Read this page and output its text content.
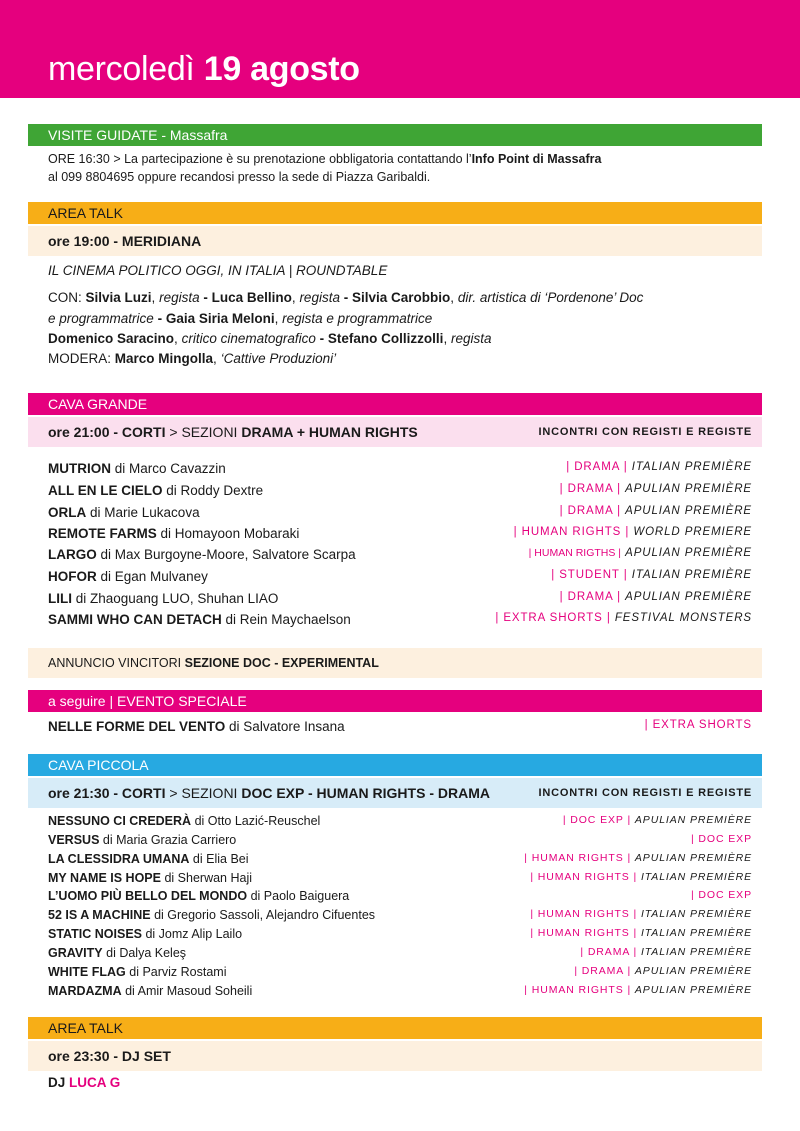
mercoledì 19 agosto
VISITE GUIDATE - Massafra
ORE 16:30 > La partecipazione è su prenotazione obbligatoria contattando l’Info Point di Massafra
al 099 8804695 oppure recandosi presso la sede di Piazza Garibaldi.
AREA TALK
ore 19:00 - MERIDIANA
IL CINEMA POLITICO OGGI, IN ITALIA | ROUNDTABLE
CON: Silvia Luzi, regista - Luca Bellino, regista - Silvia Carobbio, dir. artistica di ‘Pordenone’ Doc
e programmatrice - Gaia Siria Meloni, regista e programmatrice
Domenico Saracino, critico cinematografico - Stefano Collizzolli, regista
MODERA: Marco Mingolla, ‘Cattive Produzioni’
CAVA GRANDE
ore 21:00 - CORTI > SEZIONI DRAMA + HUMAN RIGHTS	INCONTRI CON REGISTI E REGISTE
MUTRION di Marco Cavazzin	| DRAMA | ITALIAN PREMIÈRE
ALL EN LE CIELO di Roddy Dextre	| DRAMA | APULIAN PREMIÈRE
ORLA di Marie Lukacova	| DRAMA | APULIAN PREMIÈRE
REMOTE FARMS di Homayoon Mobaraki	| HUMAN RIGHTS | WORLD PREMIERE
LARGO di Max Burgoyne-Moore, Salvatore Scarpa	| HUMAN RIGTHS | APULIAN PREMIÈRE
HOFOR di Egan Mulvaney	| STUDENT | ITALIAN PREMIÈRE
LILI di Zhaoguang LUO, Shuhan LIAO	| DRAMA | APULIAN PREMIÈRE
SAMMI WHO CAN DETACH di Rein Maychaelson	| EXTRA SHORTS | FESTIVAL MONSTERS
ANNUNCIO VINCITORI SEZIONE DOC - EXPERIMENTAL
a seguire | EVENTO SPECIALE
NELLE FORME DEL VENTO di Salvatore Insana	| EXTRA SHORTS
CAVA PICCOLA
ore 21:30 - CORTI > SEZIONI DOC EXP - HUMAN RIGHTS - DRAMA	INCONTRI CON REGISTI E REGISTE
NESSUNO CI CREDERÀ di Otto Lazić-Reuschel	| DOC EXP | APULIAN PREMIÈRE
VERSUS di Maria Grazia Carriero	| DOC EXP
LA CLESSIDRA UMANA di Elia Bei	| HUMAN RIGHTS | APULIAN PREMIÈRE
MY NAME IS HOPE di Sherwan Haji	| HUMAN RIGHTS | ITALIAN PREMIÈRE
L’UOMO PIÙ BELLO DEL MONDO di Paolo Baiguera	| DOC EXP
52 IS A MACHINE di Gregorio Sassoli, Alejandro Cifuentes	| HUMAN RIGHTS | ITALIAN PREMIÈRE
STATIC NOISES di Jomz Alip Lailo	| HUMAN RIGHTS | ITALIAN PREMIÈRE
GRAVITY di Dalya Keleş	| DRAMA | ITALIAN PREMIÈRE
WHITE FLAG di Parviz Rostami	| DRAMA | APULIAN PREMIÈRE
MARDAZMA di Amir Masoud Soheili	| HUMAN RIGHTS | APULIAN PREMIÈRE
AREA TALK
ore 23:30 - DJ SET
DJ LUCA G
